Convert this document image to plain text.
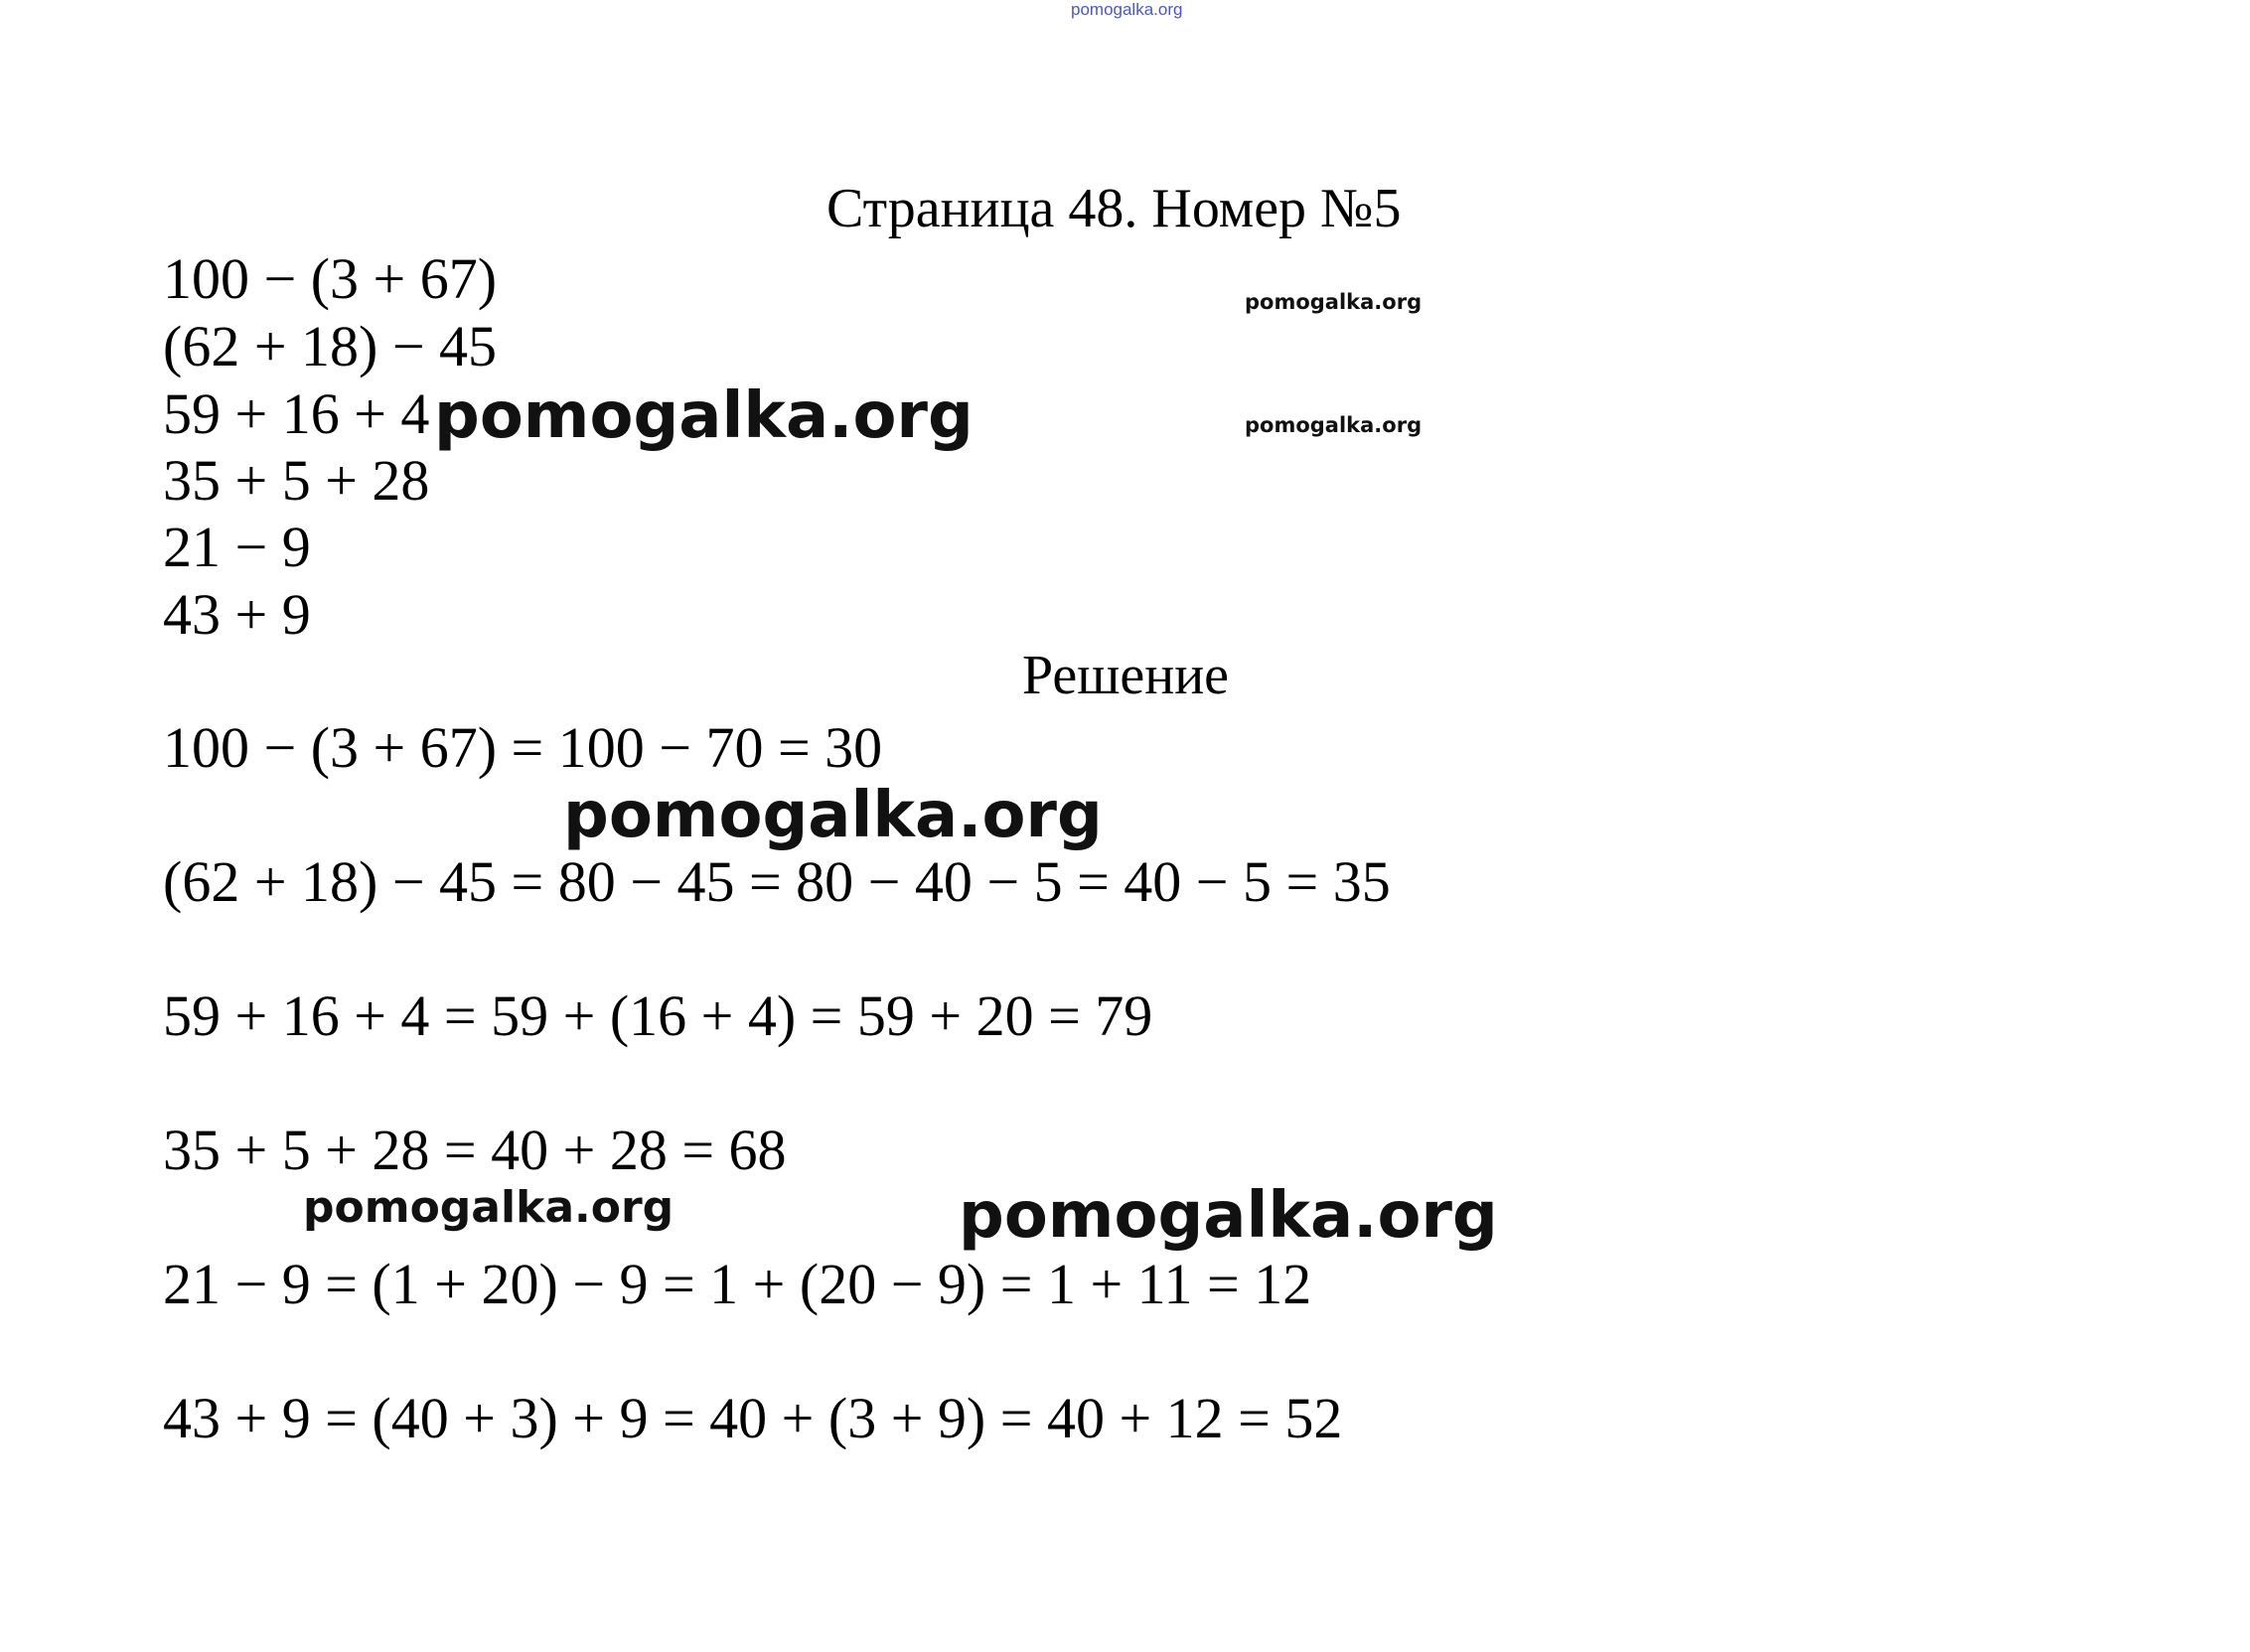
pomogalka.org
Страница 48. Номер №5
100 − (3 + 67)
(62 + 18) − 45
59 + 16 + 4
35 + 5 + 28
21 − 9
43 + 9
Решение
100 − (3 + 67) = 100 − 70 = 30
(62 + 18) − 45 = 80 − 45 = 80 − 40 − 5 = 40 − 5 = 35
59 + 16 + 4 = 59 + (16 + 4) = 59 + 20 = 79
35 + 5 + 28 = 40 + 28 = 68
21 − 9 = (1 + 20) − 9 = 1 + (20 − 9) = 1 + 11 = 12
43 + 9 = (40 + 3) + 9 = 40 + (3 + 9) = 40 + 12 = 52
pomogalka.org
pomogalka.org
pomogalka.org
pomogalka.org
pomogalka.org	pomogalka.org
